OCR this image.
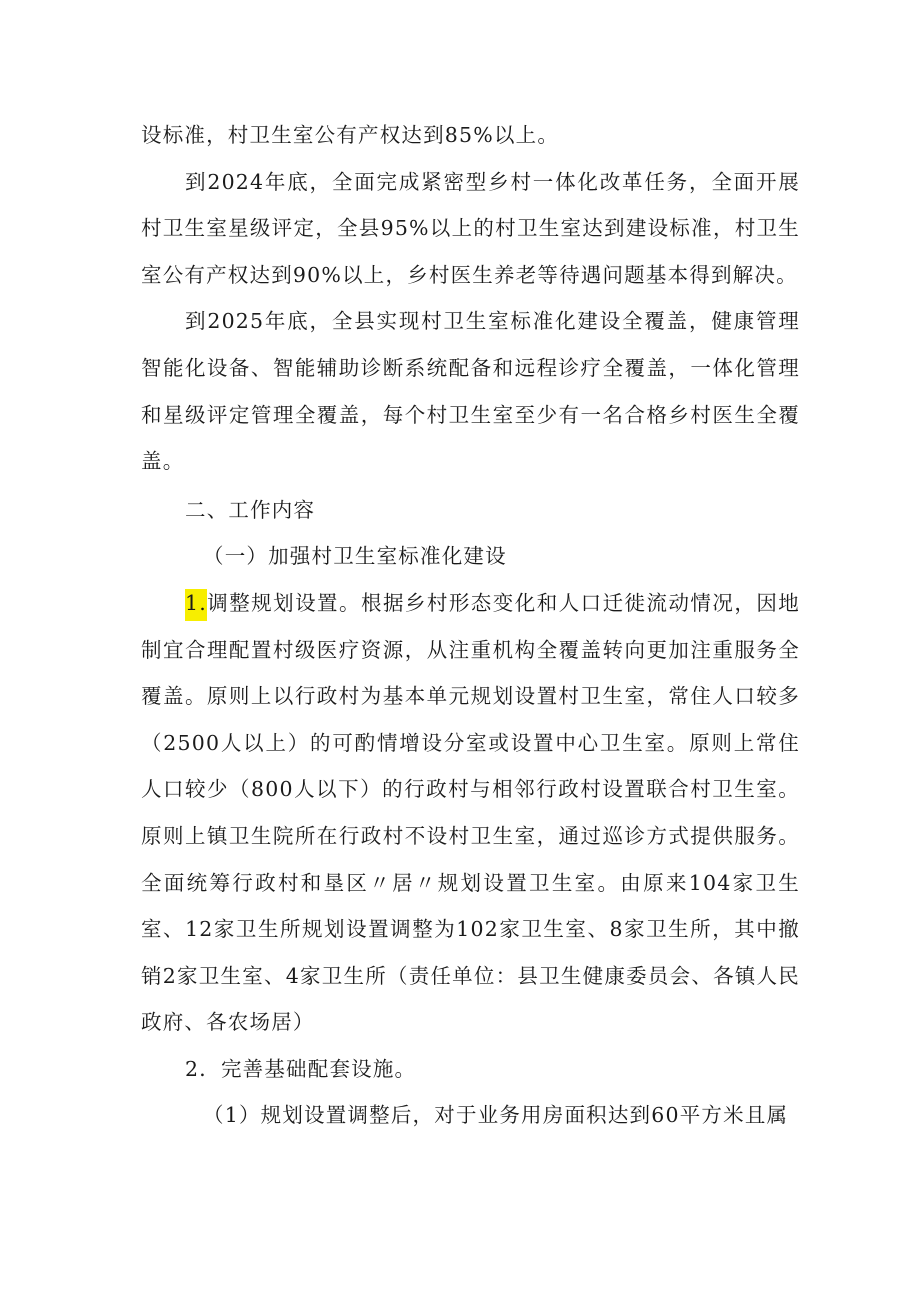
设标准，村卫生室公有产权达到85%以上。

到2024年底，全面完成紧密型乡村一体化改革任务，全面开展村卫生室星级评定，全县95%以上的村卫生室达到建设标准，村卫生室公有产权达到90%以上，乡村医生养老等待遇问题基本得到解决。

到2025年底，全县实现村卫生室标准化建设全覆盖，健康管理智能化设备、智能辅助诊断系统配备和远程诊疗全覆盖，一体化管理和星级评定管理全覆盖，每个村卫生室至少有一名合格乡村医生全覆盖。

二、工作内容

（一）加强村卫生室标准化建设

1.调整规划设置。根据乡村形态变化和人口迁徙流动情况，因地制宜合理配置村级医疗资源，从注重机构全覆盖转向更加注重服务全覆盖。原则上以行政村为基本单元规划设置村卫生室，常住人口较多（2500人以上）的可酌情增设分室或设置中心卫生室。原则上常住人口较少（800人以下）的行政村与相邻行政村设置联合村卫生室。原则上镇卫生院所在行政村不设村卫生室，通过巡诊方式提供服务。全面统筹行政村和垦区〃居〃规划设置卫生室。由原来104家卫生室、12家卫生所规划设置调整为102家卫生室、8家卫生所，其中撤销2家卫生室、4家卫生所（责任单位：县卫生健康委员会、各镇人民政府、各农场居）

2．完善基础配套设施。

（1）规划设置调整后，对于业务用房面积达到60平方米且属
